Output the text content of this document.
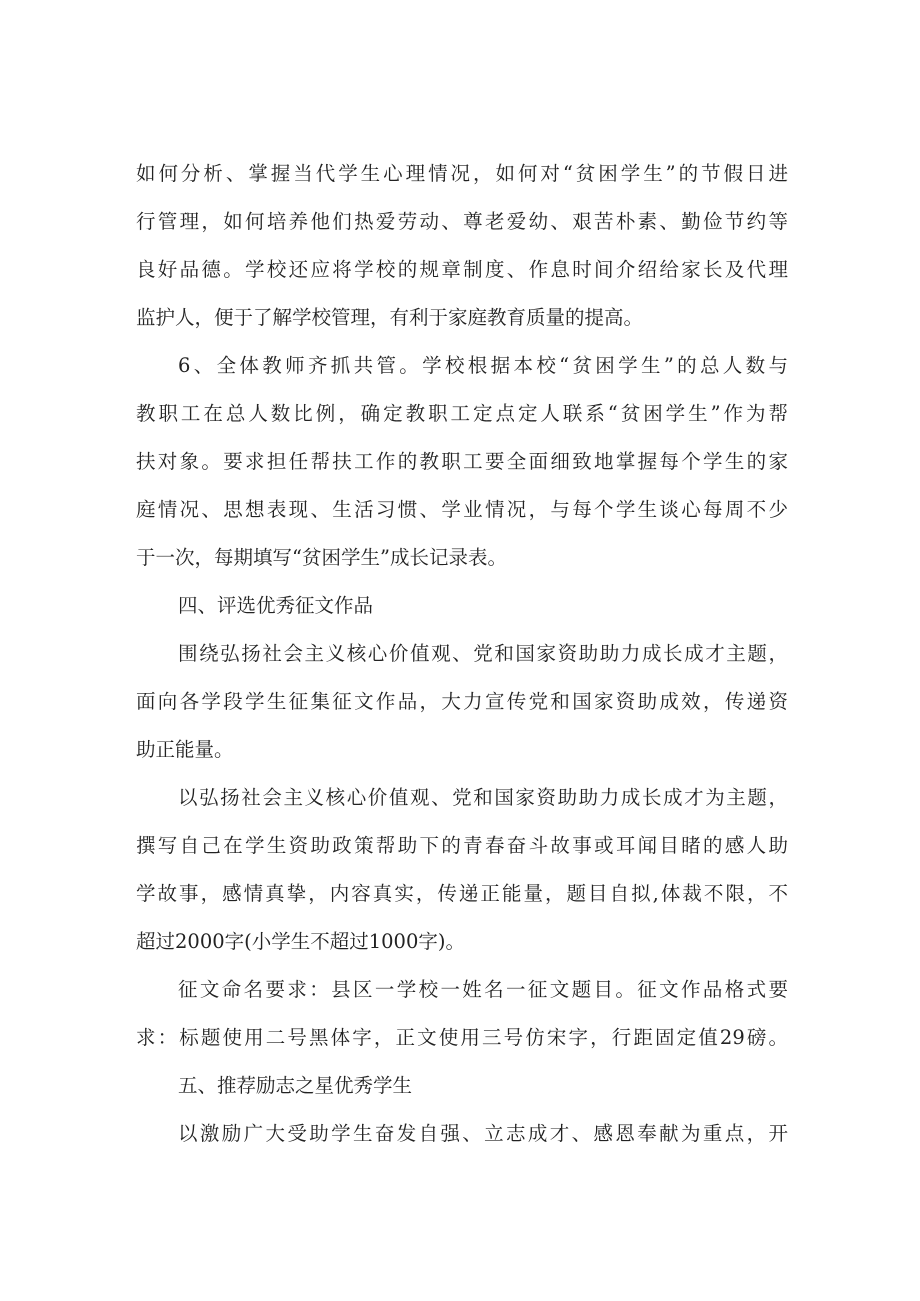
如何分析、掌握当代学生心理情况，如何对“贫困学生”的节假日进
行管理，如何培养他们热爱劳动、尊老爱幼、艰苦朴素、勤俭节约等
良好品德。学校还应将学校的规章制度、作息时间介绍给家长及代理
监护人，便于了解学校管理，有利于家庭教育质量的提高。
6、全体教师齐抓共管。学校根据本校“贫困学生”的总人数与
教职工在总人数比例，确定教职工定点定人联系“贫困学生”作为帮
扶对象。要求担任帮扶工作的教职工要全面细致地掌握每个学生的家
庭情况、思想表现、生活习惯、学业情况，与每个学生谈心每周不少
于一次，每期填写“贫困学生”成长记录表。
四、评选优秀征文作品
围绕弘扬社会主义核心价值观、党和国家资助助力成长成才主题，
面向各学段学生征集征文作品，大力宣传党和国家资助成效，传递资
助正能量。
以弘扬社会主义核心价值观、党和国家资助助力成长成才为主题，
撰写自己在学生资助政策帮助下的青春奋斗故事或耳闻目睹的感人助
学故事，感情真挚，内容真实，传递正能量，题目自拟,体裁不限，不
超过2000字(小学生不超过1000字)。
征文命名要求：县区一学校一姓名一征文题目。征文作品格式要
求：标题使用二号黑体字，正文使用三号仿宋字，行距固定值29磅。
五、推荐励志之星优秀学生
以激励广大受助学生奋发自强、立志成才、感恩奉献为重点，开
